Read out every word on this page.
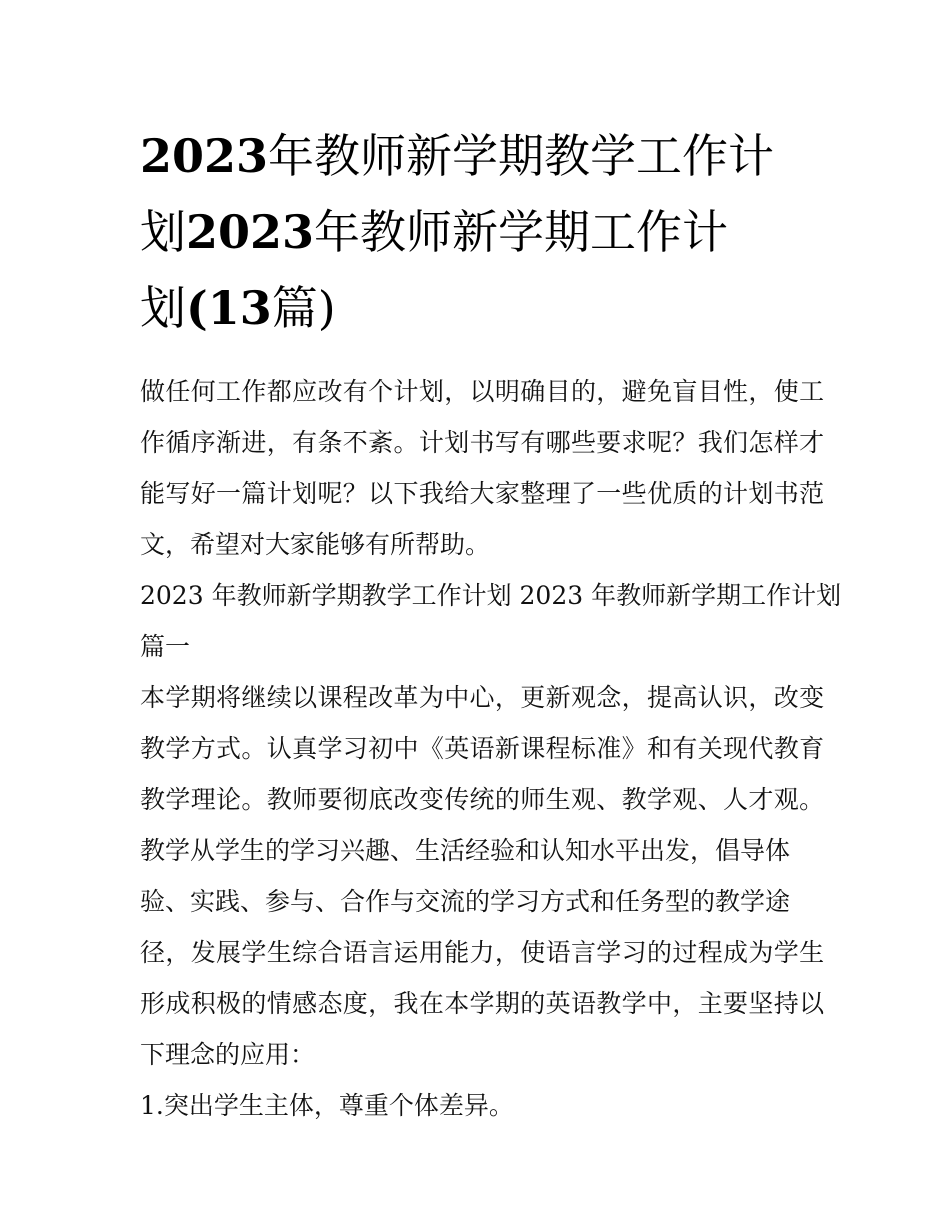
2023年教师新学期教学工作计
划2023年教师新学期工作计
划(13篇)
做任何工作都应改有个计划，以明确目的，避免盲目性，使工
作循序渐进，有条不紊。计划书写有哪些要求呢？我们怎样才
能写好一篇计划呢？以下我给大家整理了一些优质的计划书范
文，希望对大家能够有所帮助。
2023 年教师新学期教学工作计划 2023 年教师新学期工作计划
篇一
本学期将继续以课程改革为中心，更新观念，提高认识，改变
教学方式。认真学习初中《英语新课程标准》和有关现代教育
教学理论。教师要彻底改变传统的师生观、教学观、人才观。
教学从学生的学习兴趣、生活经验和认知水平出发，倡导体
验、实践、参与、合作与交流的学习方式和任务型的教学途
径，发展学生综合语言运用能力，使语言学习的过程成为学生
形成积极的情感态度，我在本学期的英语教学中，主要坚持以
下理念的应用：
1.突出学生主体，尊重个体差异。
